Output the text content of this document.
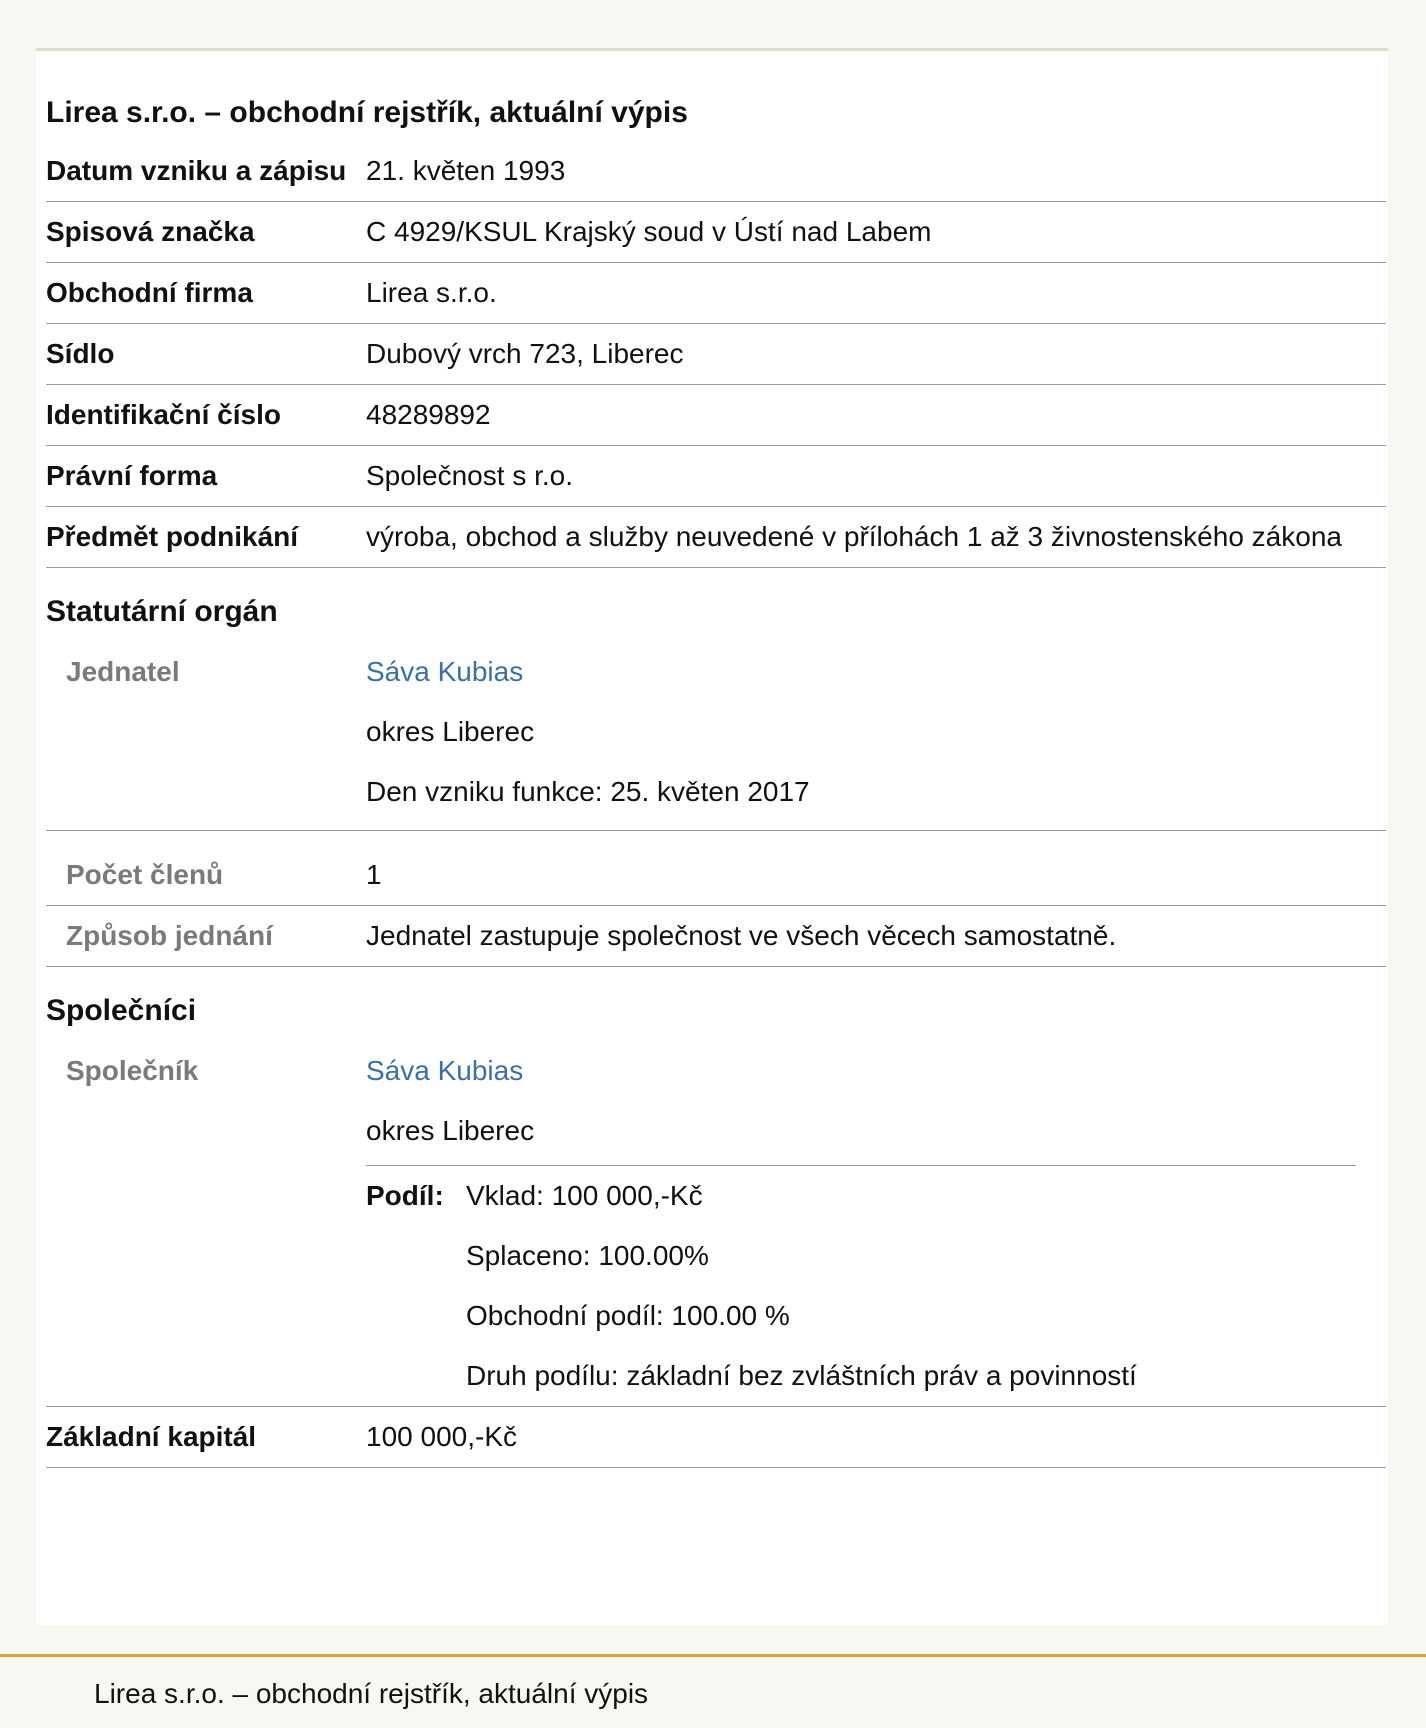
Lirea s.r.o. – obchodní rejstřík, aktuální výpis
Datum vzniku a zápisu 21. květen 1993
Spisová značka	C 4929/KSUL Krajský soud v Ústí nad Labem
Obchodní firma	Lirea s.r.o.
Sídlo	Dubový vrch 723, Liberec
Identifikační číslo	48289892
Právní forma	Společnost s r.o.
Předmět podnikání	výroba, obchod a služby neuvedené v přílohách 1 až 3 živnostenského zákona
Statutární orgán
Jednatel	Sáva Kubias
okres Liberec
Den vzniku funkce: 25. květen 2017
Počet členů	1
Způsob jednání	Jednatel zastupuje společnost ve všech věcech samostatně.
Společníci
Společník	Sáva Kubias
okres Liberec
Podíl: Vklad: 100 000,-Kč
Splaceno: 100.00%
Obchodní podíl: 100.00 %
Druh podílu: základní bez zvláštních práv a povinností
Základní kapitál	100 000,-Kč
Lirea s.r.o. – obchodní rejstřík, aktuální výpis
